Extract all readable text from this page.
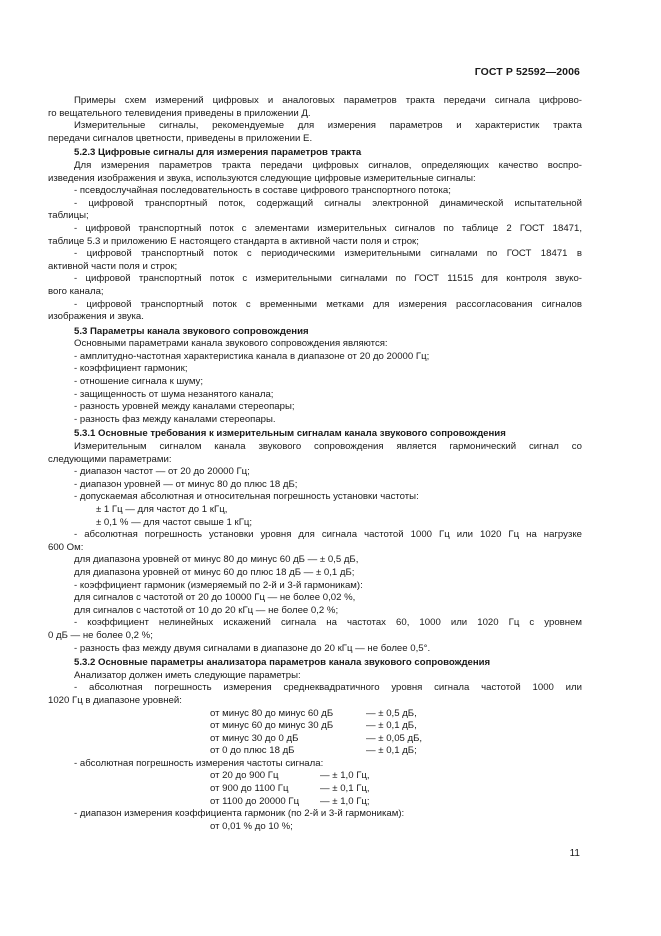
ГОСТ Р 52592—2006

Примеры схем измерений цифровых и аналоговых параметров тракта передачи сигнала цифрово-

го вещательного телевидения приведены в приложении Д.

Измерительные сигналы, рекомендуемые для измерения параметров и характеристик тракта

передачи сигналов цветности, приведены в приложении Е.

5.2.3 Цифровые сигналы для измерения параметров тракта

Для измерения параметров тракта передачи цифровых сигналов, определяющих качество воспро-

изведения изображения и звука, используются следующие цифровые измерительные сигналы:

- псевдослучайная последовательность в составе цифрового транспортного потока;

- цифровой транспортный поток, содержащий сигналы электронной динамической испытательной

таблицы;

- цифровой транспортный поток с элементами измерительных сигналов по таблице 2 ГОСТ 18471,

таблице 5.3 и приложению Е настоящего стандарта в активной части поля и строк;

- цифровой транспортный поток с периодическими измерительными сигналами по ГОСТ 18471 в

активной части поля и строк;

- цифровой транспортный поток с измерительными сигналами по ГОСТ 11515 для контроля звуко-

вого канала;

- цифровой транспортный поток с временными метками для измерения рассогласования сигналов

изображения и звука.

5.3 Параметры канала звукового сопровождения

Основными параметрами канала звукового сопровождения являются:

- амплитудно-частотная характеристика канала в диапазоне от 20 до 20000 Гц;

- коэффициент гармоник;

- отношение сигнала к шуму;

- защищенность от шума незанятого канала;

- разность уровней между каналами стереопары;

- разность фаз между каналами стереопары.

5.3.1 Основные требования к измерительным сигналам канала звукового сопровождения

Измерительным сигналом канала звукового сопровождения является гармонический сигнал со

следующими параметрами:

- диапазон частот — от 20 до 20000 Гц;

- диапазон уровней — от минус 80 до плюс 18 дБ;

- допускаемая абсолютная и относительная погрешность установки частоты:

± 1 Гц — для частот до 1 кГц,

± 0,1 % — для частот свыше 1 кГц;

- абсолютная погрешность установки уровня для сигнала частотой 1000 Гц или 1020 Гц на нагрузке

600 Ом:

для диапазона уровней от минус 80 до минус 60 дБ — ± 0,5 дБ,

для диапазона уровней от минус 60 до плюс 18 дБ — ± 0,1 дБ;

- коэффициент гармоник (измеряемый по 2-й и 3-й гармоникам):

для сигналов с частотой от 20 до 10000 Гц — не более 0,02 %,

для сигналов с частотой от 10 до 20 кГц — не более 0,2 %;

- коэффициент нелинейных искажений сигнала на частотах 60, 1000 или 1020 Гц с уровнем

0 дБ — не более 0,2 %;

- разность фаз между двумя сигналами в диапазоне до 20 кГц — не более 0,5°.

5.3.2 Основные параметры анализатора параметров канала звукового сопровождения

Анализатор должен иметь следующие параметры:

- абсолютная погрешность измерения среднеквадратичного уровня сигнала частотой 1000 или

1020 Гц в диапазоне уровней:

от минус 80 до минус 60 дБ	— ± 0,5 дБ,

от минус 60 до минус 30 дБ	— ± 0,1 дБ,

от минус 30 до 0 дБ	— ± 0,05 дБ,

от 0 до плюс 18 дБ	— ± 0,1 дБ;

- абсолютная погрешность измерения частоты сигнала:

от 20 до 900 Гц	— ± 1,0 Гц,

от 900 до 1100 Гц	— ± 0,1 Гц,

от 1100 до 20000 Гц — ± 1,0 Гц;

- диапазон измерения коэффициента гармоник (по 2-й и 3-й гармоникам):

от 0,01 % до 10 %;

11
